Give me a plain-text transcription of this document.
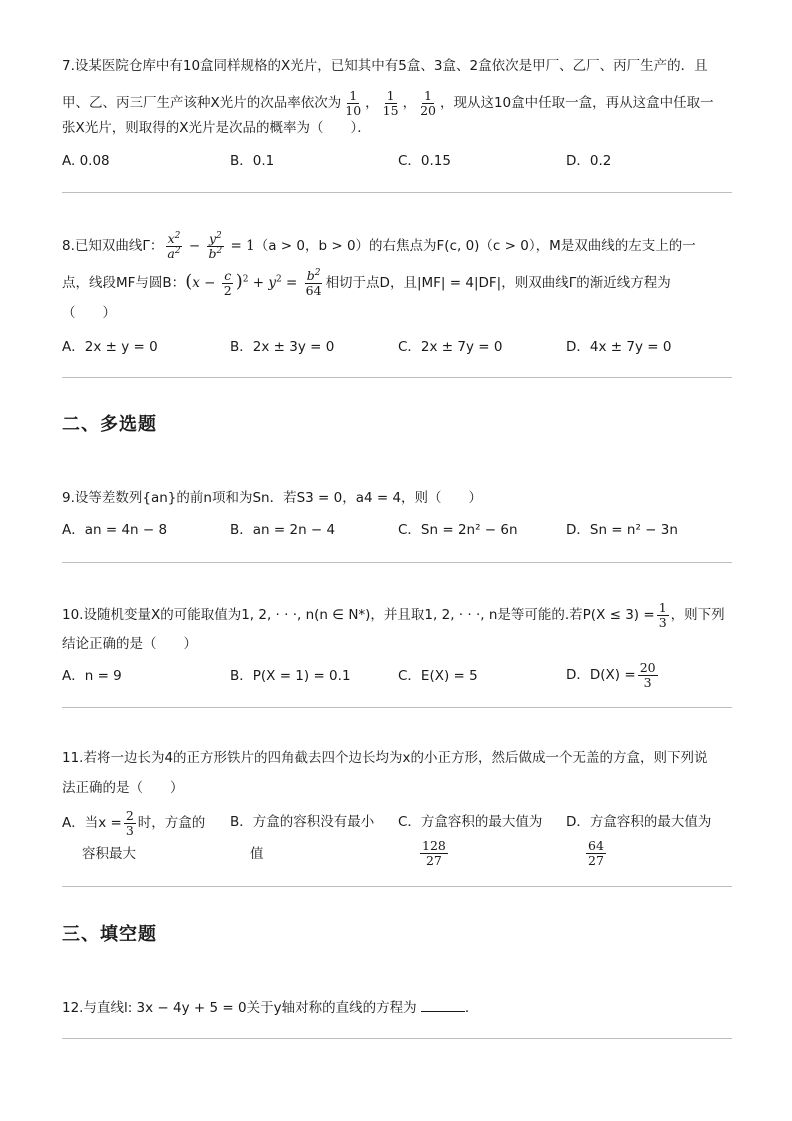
7.设某医院仓库中有10盒同样规格的X光片，已知其中有5盒、3盒、2盒依次是甲厂、乙厂、丙厂生产的．且
甲、乙、丙三厂生产该种X光片的次品率依次为 $\frac{1}{10}$ ， $\frac{1}{15}$ ， $\frac{1}{20}$ ，现从这10盒中任取一盒，再从这盒中任取一
张X光片，则取得的X光片是次品的概率为（　　）．
A. 0.08	B．0.1	C．0.15	D．0.2
8.已知双曲线Γ： $\frac{x^2}{a^2} - \frac{y^2}{b^2} = 1(a > 0$，b > 0）的右焦点为F(c, 0)（c > 0），M是双曲线的左支上的一
点，线段MF与圆B：$(x - \frac{c}{2} )^2 + y^2 = \frac{b^2}{64}$ 相切于点D，且|MF| = 4|DF|，则双曲线Γ的渐近线方程为
（　　）
A．2x ± y = 0	B．2x ± 3y = 0	C．2x ± 7y = 0	D．4x ± 7y = 0
二、多选题
9.设等差数列{an}的前n项和为Sn．若S3 = 0，a4 = 4，则（　　）
A．an = 4n − 8	B．an = 2n − 4	C．Sn = 2n² − 6n	D．Sn = n² − 3n
10.设随机变量X的可能取值为1, 2, · · ·, n(n ∈ N*)，并且取1, 2, · · ·, n是等可能的.若$P(X \le 3) = \frac{1}{3}$ ，则下列
结论正确的是（　　）
A．n = 9	B．P(X = 1) = 0.1	C．E(X) = 5	D．$D(X) = \frac{20}{3}$
11.若将一边长为4的正方形铁片的四角截去四个边长均为x的小正方形，然后做成一个无盖的方盒，则下列说
法正确的是（　　）
A．当$x = \frac{2}{3}$ 时，方盒的
容积最大
B．方盒的容积没有最小
值
C．方盒容积的最大值为
$\frac{128}{27}$
D．方盒容积的最大值为
$\frac{64}{27}$
三、填空题
12.与直线l: 3x − 4y + 5 = 0关于y轴对称的直线的方程为	．
